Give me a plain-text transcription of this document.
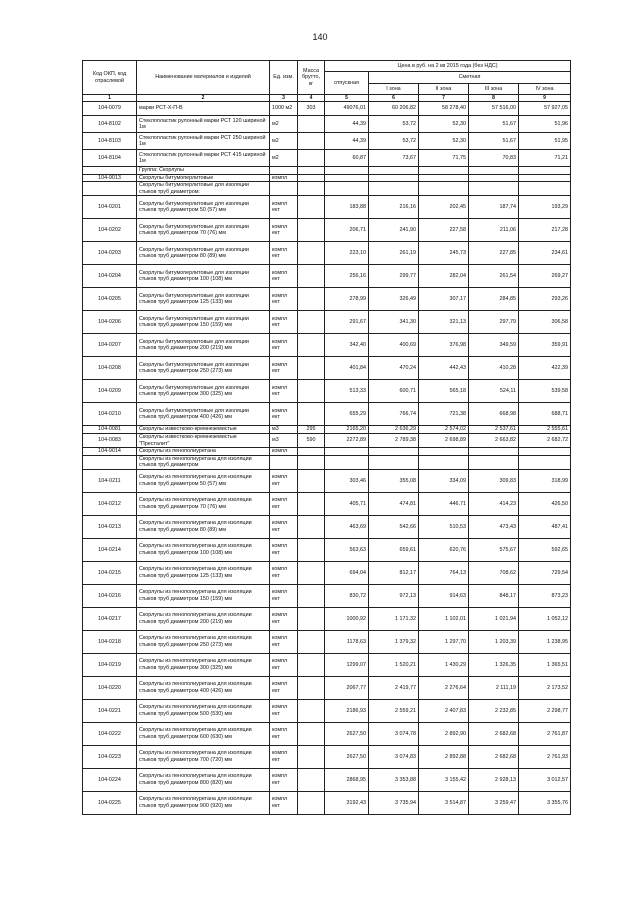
140
Код ОКП, код отраслевой	Наименование материалов и изделий	Ед. изм.	Масса брутто, кг	Цена в руб. на 2 кв 2015 года (без НДС)				
				отпускная	Сметная			
					I зона	II зона	III зона	IV зона
1	2	3	4	5	6	7	8	9
104-0079	марки РСТ-Х-П-В	1000 м2	303	49076,01	60 206,82	58 278,40	57 516,00	57 927,05
104-8102	Стеклопластик рулонный марки РСТ 120 шириной 1м	м2		44,39	53,72	52,30	51,67	51,96
104-8103	Стеклопластик рулонный марки РСТ 250 шириной 1м	м2		44,39	53,72	52,30	51,67	51,95
104-8104	Стеклопластик рулонный марки РСТ 415 шириной 1м	м2		60,87	73,67	71,75	70,83	71,21
	Группа: Скорлупы							
104-9013	Скорлупы битумоперлитовые	компл						
	Скорлупы битумоперлитовые для изоляции стыков труб диаметром:							
104-0201	Скорлупы битумоперлитовые для изоляции стыков труб диаметром 50 (57) мм	компл ект		183,88	216,16	202,45	187,74	193,29
104-0202	Скорлупы битумоперлитовые для изоляции стыков труб диаметром 70 (76) мм	компл ект		206,71	241,90	227,58	211,06	217,28
104-0203	Скорлупы битумоперлитовые для изоляции стыков труб диаметром 80 (89) мм	компл ект		223,10	261,19	245,73	227,85	234,61
104-0204	Скорлупы битумоперлитовые для изоляции стыков труб диаметром 100 (108) мм	компл ект		256,16	299,77	282,04	261,54	269,27
104-0205	Скорлупы битумоперлитовые для изоляции стыков труб диаметром 125 (133) мм	компл ект		278,99	326,49	307,17	284,85	293,26
104-0206	Скорлупы битумоперлитовые для изоляции стыков труб диаметром 150 (159) мм	компл ект		291,67	341,30	321,13	297,79	306,58
104-0207	Скорлупы битумоперлитовые для изоляции стыков труб диаметром 200 (219) мм	компл ект		342,40	400,69	376,98	349,59	359,91
104-0208	Скорлупы битумоперлитовые для изоляции стыков труб диаметром 250 (273) мм	компл ект		401,84	470,24	442,43	410,28	422,39
104-0209	Скорлупы битумоперлитовые для изоляции стыков труб диаметром 300 (325) мм	компл ект		513,33	600,71	565,18	524,11	539,58
104-0210	Скорлупы битумоперлитовые для изоляции стыков труб диаметром 400 (426) мм	компл ект		655,29	766,74	721,38	668,98	688,71
104-0081	Скорлупы известково-кремнеземистые	м3	295	2165,20	2 636,29	2 574,02	2 537,61	2 555,61
104-0083	Скорлупы известково-кремнеземистые "Престалит"	м3	590	2272,89	2 789,38	2 698,89	2 663,82	2 682,72
104-9014	Скорлупы из пенополиуретана	компл						
	Скорлупы из пенополиуретана для изоляции стыков труб диаметром							
104-0211	Скорлупы из пенополиуретана для изоляции стыков труб диаметром 50 (57) мм	компл ект		303,46	355,08	334,09	309,83	318,99
104-0212	Скорлупы из пенополиуретана для изоляции стыков труб диаметром 70 (76) мм	компл ект		405,71	474,81	446,71	414,23	426,50
104-0213	Скорлупы из пенополиуретана для изоляции стыков труб диаметром 80 (89) мм	компл ект		463,69	542,66	510,53	473,43	487,41
104-0214	Скорлупы из пенополиуретана для изоляции стыков труб диаметром 100 (108) мм	компл ект		563,63	659,61	620,76	575,67	592,65
104-0215	Скорлупы из пенополиуретана для изоляции стыков труб диаметром 125 (133) мм	компл ект		694,04	812,17	764,13	708,62	729,54
104-0216	Скорлупы из пенополиуретана для изоляции стыков труб диаметром 150 (159) мм	компл ект		830,72	972,13	914,63	848,17	873,23
104-0217	Скорлупы из пенополиуретана для изоляции стыков труб диаметром 200 (219) мм	компл ект		1000,92	1 171,32	1 102,01	1 021,94	1 052,12
104-0218	Скорлупы из пенополиуретана для изоляции стыков труб диаметром 250 (273) мм	компл ект		1178,63	1 379,32	1 297,70	1 203,39	1 238,95
104-0219	Скорлупы из пенополиуретана для изоляции стыков труб диаметром 300 (325) мм	компл ект		1299,07	1 520,21	1 430,29	1 326,35	1 365,51
104-0220	Скорлупы из пенополиуретана для изоляции стыков труб диаметром 400 (426) мм	компл ект		2067,77	2 419,77	2 276,64	2 111,19	2 173,52
104-0221	Скорлупы из пенополиуретана для изоляции стыков труб диаметром 500 (530) мм	компл ект		2186,93	2 559,21	2 407,83	2 232,85	2 298,77
104-0222	Скорлупы из пенополиуретана для изоляции стыков труб диаметром 600 (630) мм	компл ект		2627,50	3 074,78	2 892,90	2 682,68	2 761,87
104-0223	Скорлупы из пенополиуретана для изоляции стыков труб диаметром 700 (720) мм	компл ект		2627,50	3 074,83	2 892,88	2 682,68	2 761,93
104-0224	Скорлупы из пенополиуретана для изоляции стыков труб диаметром 800 (820) мм	компл ект		2868,95	3 353,88	3 155,42	2 928,13	3 012,57
104-0225	Скорлупы из пенополиуретана для изоляции стыков труб диаметром 900 (920) мм	компл ект		3192,43	3 735,94	3 514,87	3 259,47	3 355,76
